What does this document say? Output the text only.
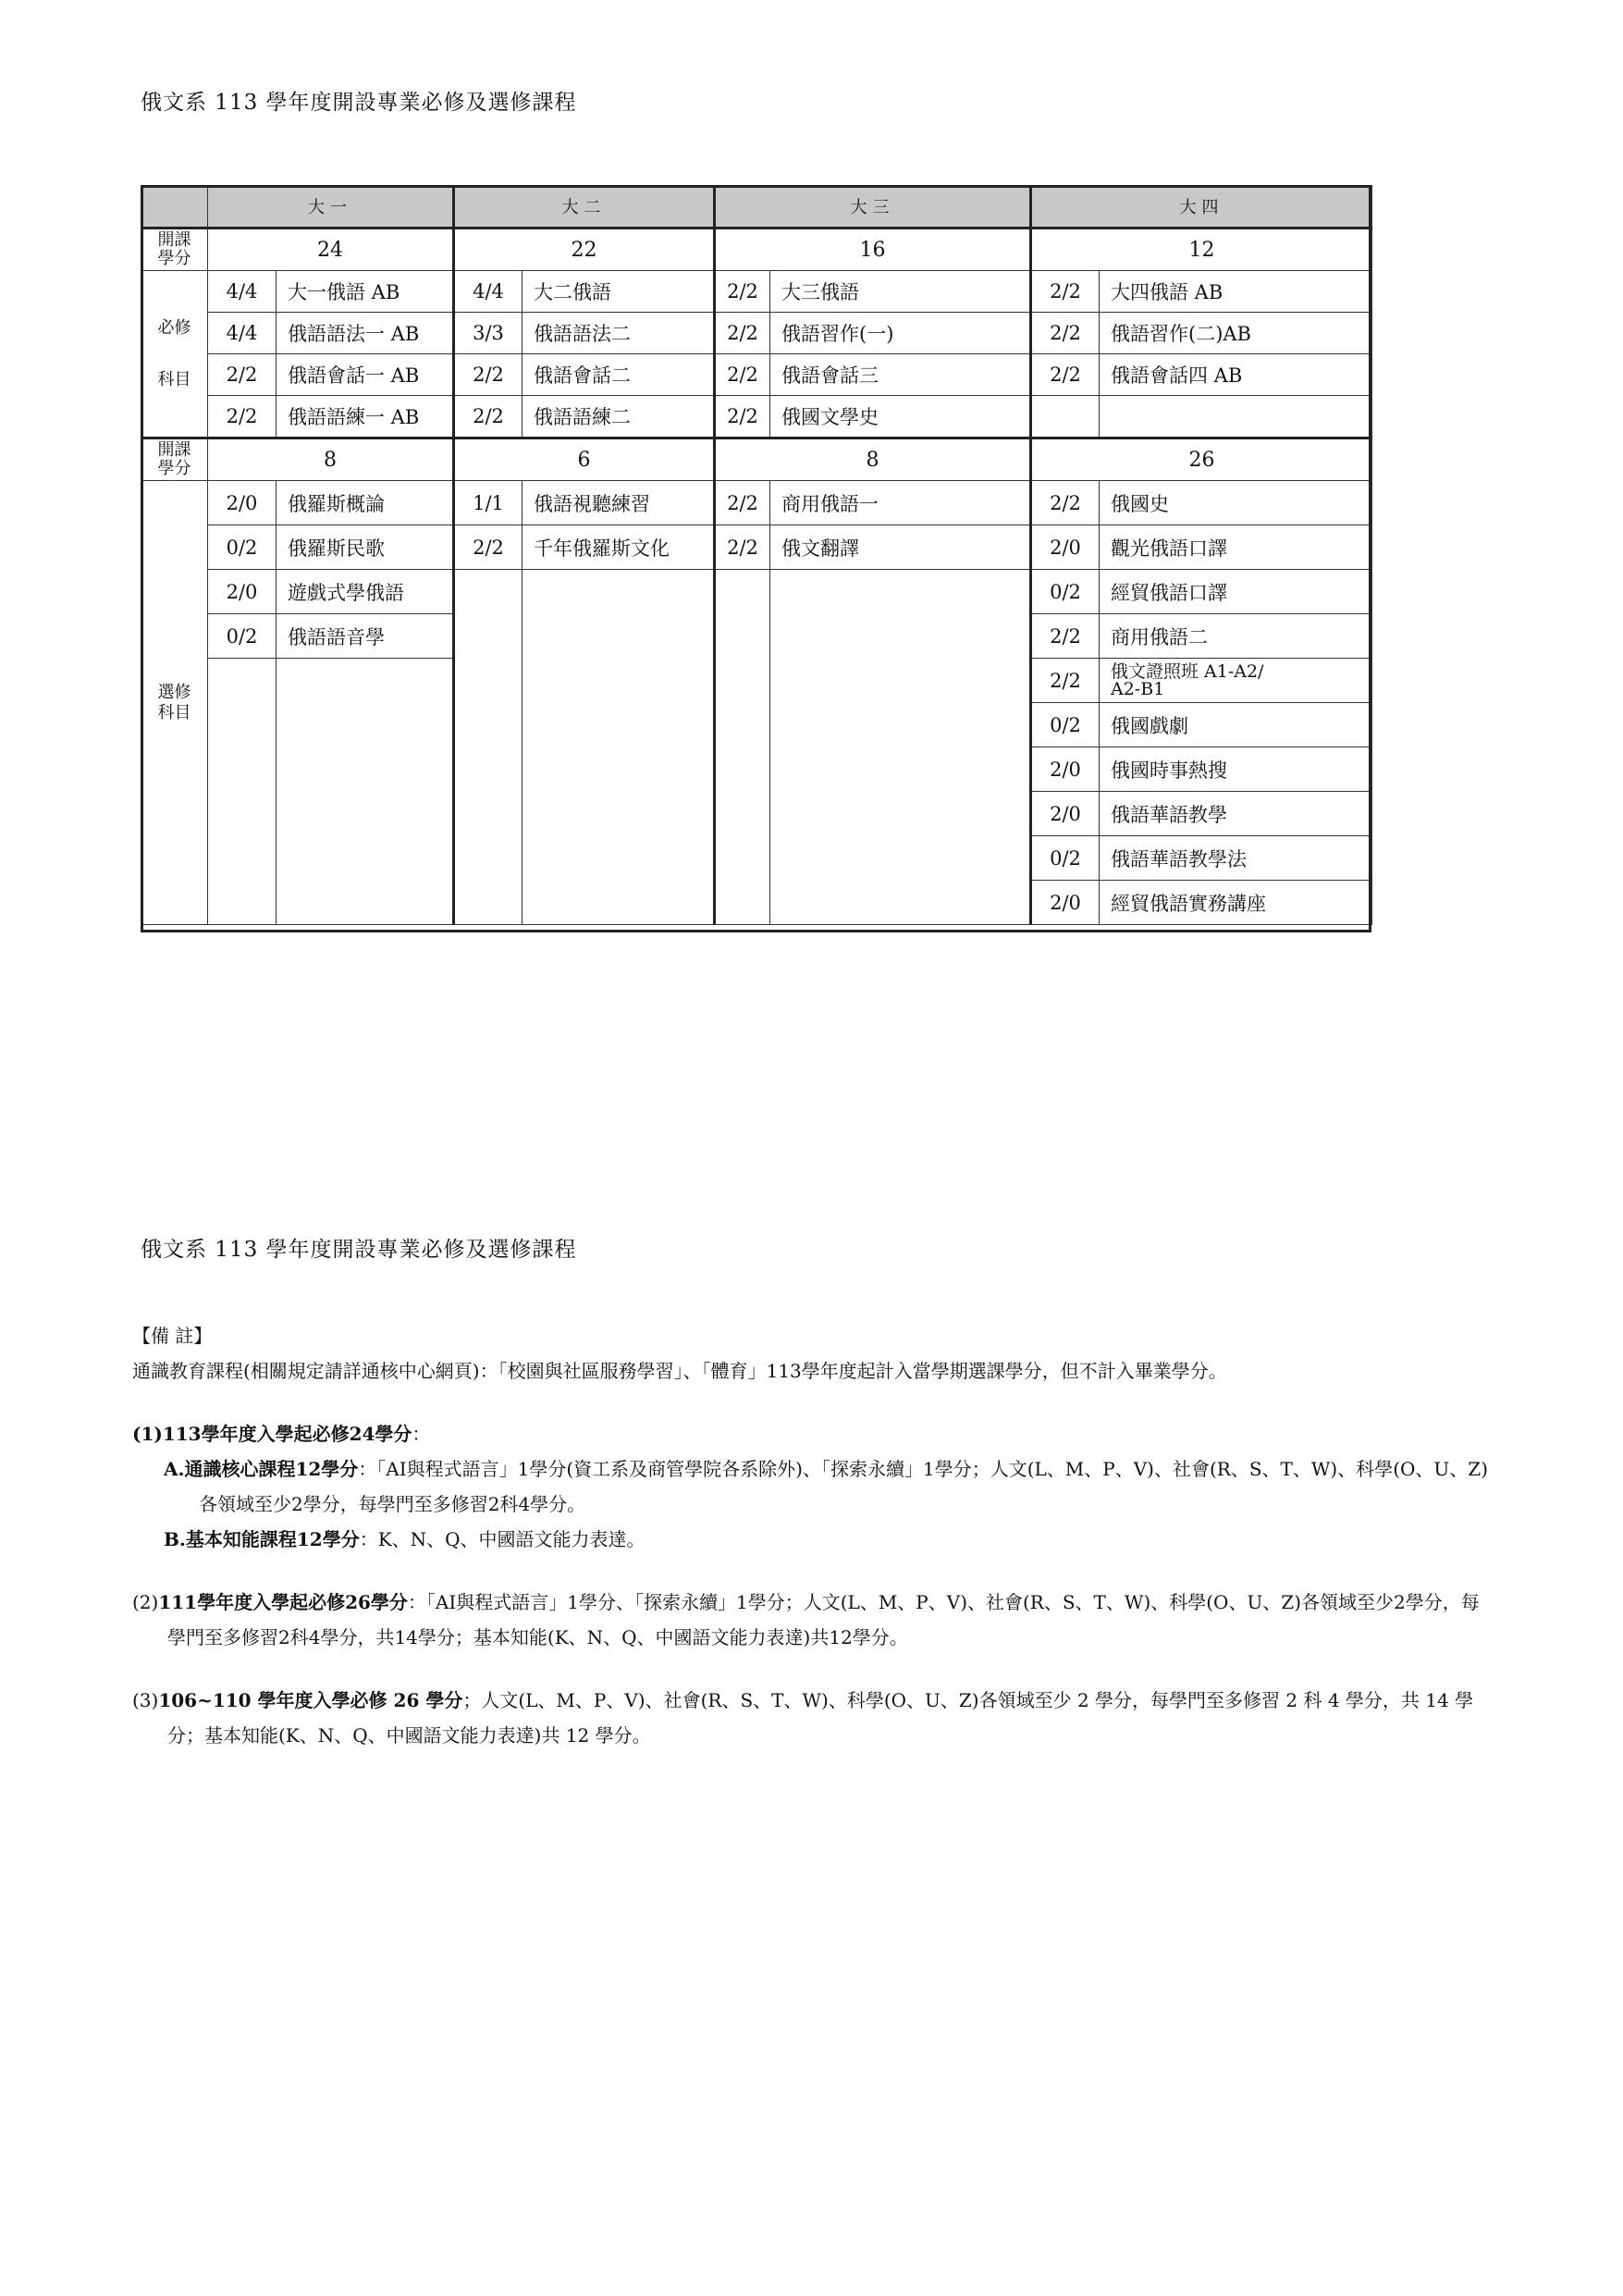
俄文系 113 學年度開設專業必修及選修課程
	大一		大二		大三		大四	
開課
學分	24		22		16		12	
必修
科目	4/4	大一俄語 AB	4/4	大二俄語	2/2	大三俄語	2/2	大四俄語 AB
	4/4	俄語語法一 AB	3/3	俄語語法二	2/2	俄語習作(一)	2/2	俄語習作(二)AB
	2/2	俄語會話一 AB	2/2	俄語會話二	2/2	俄語會話三	2/2	俄語會話四 AB
	2/2	俄語語練一 AB	2/2	俄語語練二	2/2	俄國文學史		
開課
學分	8		6		8		26	
選修
科目	2/0	俄羅斯概論	1/1	俄語視聽練習	2/2	商用俄語一	2/2	俄國史
	0/2	俄羅斯民歌	2/2	千年俄羅斯文化	2/2	俄文翻譯	2/0	觀光俄語口譯
	2/0	遊戲式學俄語					0/2	經貿俄語口譯
	0/2	俄語語音學					2/2	商用俄語二
							2/2	俄文證照班 A1-A2/
A2-B1
							0/2	俄國戲劇
							2/0	俄國時事熱搜
							2/0	俄語華語教學
							0/2	俄語華語教學法
							2/0	經貿俄語實務講座
俄文系 113 學年度開設專業必修及選修課程

【備 註】

通識教育課程(相關規定請詳通核中心網頁)：「校園與社區服務學習」、「體育」113學年度起計入當學期選課學分，但不計入畢業學分。

(1)113學年度入學起必修24學分：

A.通識核心課程12學分：「AI與程式語言」1學分(資工系及商管學院各系除外)、「探索永續」1學分；人文(L、M、P、V)、社會(R、S、T、W)、科學(O、U、Z)各領域至少2學分，每學門至多修習2科4學分。

B.基本知能課程12學分：K、N、Q、中國語文能力表達。

(2)111學年度入學起必修26學分：「AI與程式語言」1學分、「探索永續」1學分；人文(L、M、P、V)、社會(R、S、T、W)、科學(O、U、Z)各領域至少2學分，每學門至多修習2科4學分，共14學分；基本知能(K、N、Q、中國語文能力表達)共12學分。

(3)106~110 學年度入學必修 26 學分；人文(L、M、P、V)、社會(R、S、T、W)、科學(O、U、Z)各領域至少 2 學分，每學門至多修習 2 科 4 學分，共 14 學分；基本知能(K、N、Q、中國語文能力表達)共 12 學分。
